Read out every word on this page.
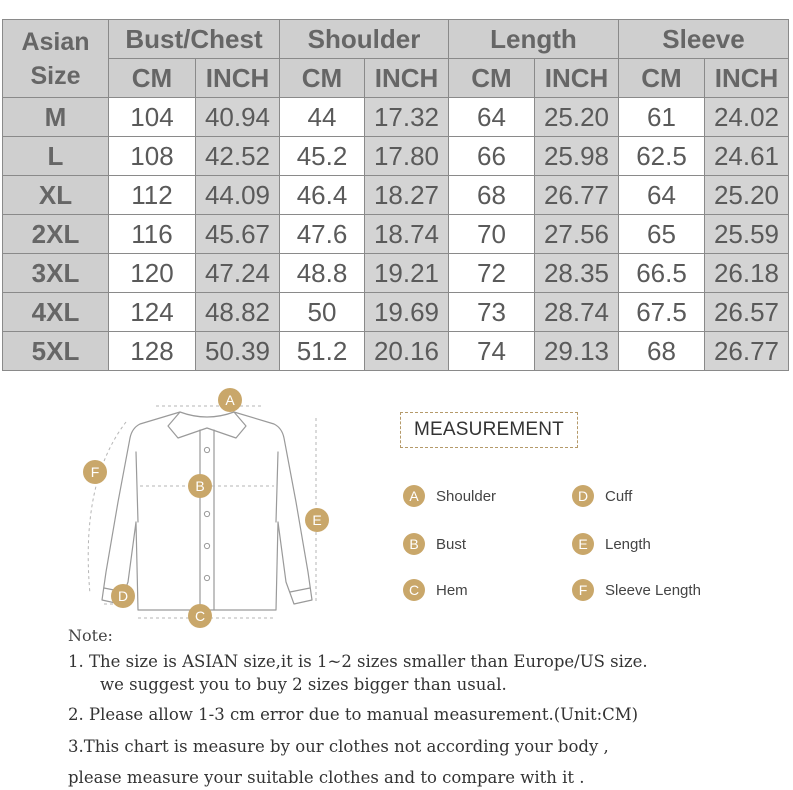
Asian
Size	Bust/Chest		Shoulder		Length		Sleeve	
	CM	INCH	CM	INCH	CM	INCH	CM	INCH
M	104	40.94	44	17.32	64	25.20	61	24.02
L	108	42.52	45.2	17.80	66	25.98	62.5	24.61
XL	112	44.09	46.4	18.27	68	26.77	64	25.20
2XL	116	45.67	47.6	18.74	70	27.56	65	25.59
3XL	120	47.24	48.8	19.21	72	28.35	66.5	26.18
4XL	124	48.82	50	19.69	73	28.74	67.5	26.57
5XL	128	50.39	51.2	20.16	74	29.13	68	26.77
A
B
C
D
E
F
MEASUREMENT
A	Shoulder
B	Bust
C	Hem
D	Cuff
E	Length
F	Sleeve Length
Note:
1. The size is ASIAN size,it is 1~2 sizes smaller than Europe/US size.
we suggest you to buy 2 sizes bigger than usual.
2. Please allow 1-3 cm error due to manual measurement.(Unit:CM)
3.This chart is measure by our clothes not according your body ,
please measure your suitable clothes and to compare with it .
